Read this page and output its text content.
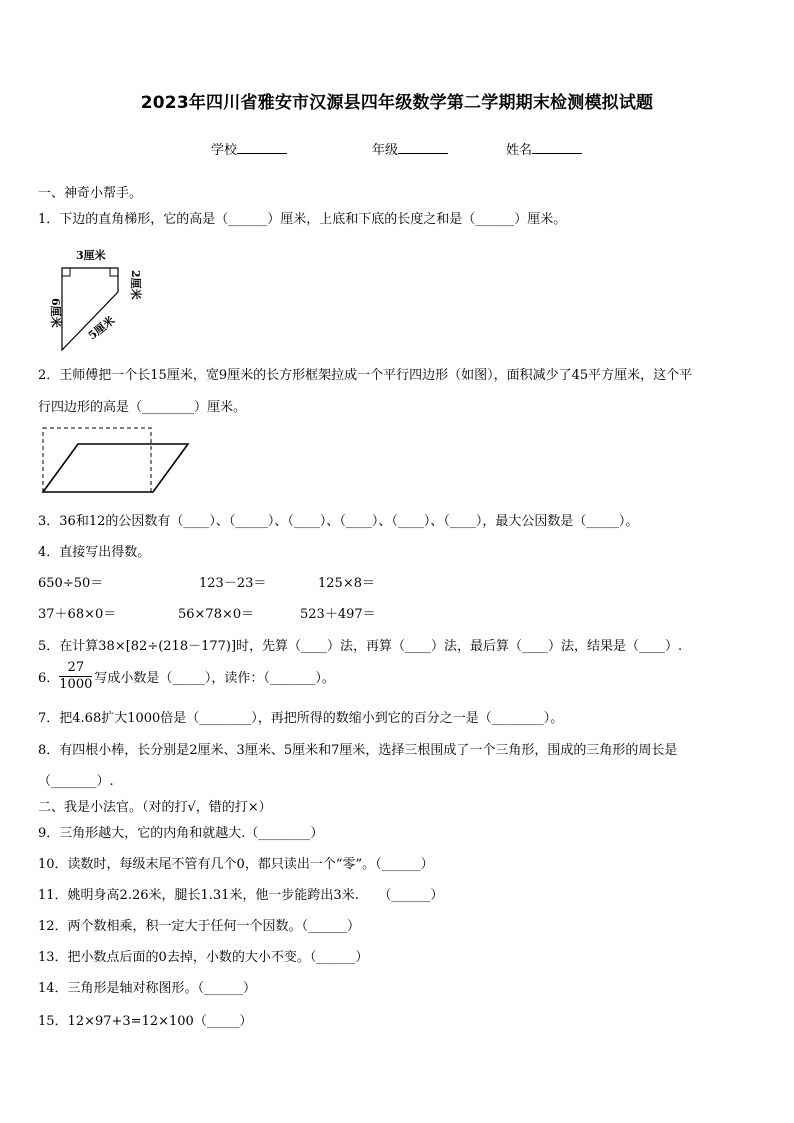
2023年四川省雅安市汉源县四年级数学第二学期期末检测模拟试题
学校	年级	姓名
一、神奇小帮手。
1．下边的直角梯形，它的高是（______）厘米，上底和下底的长度之和是（______）厘米。
3厘米
6厘米
2厘米
5厘米
2．王师傅把一个长15厘米，宽9厘米的长方形框架拉成一个平行四边形（如图），面积减少了45平方厘米，这个平
行四边形的高是（________）厘米。
3．36和12的公因数有（____）、（_____）、（____）、（____）、（____）、（____），最大公因数是（_____）。
4．直接写出得数。
650÷50＝	123－23＝	125×8＝
37＋68×0＝	56×78×0＝	523＋497＝
5．在计算38×[82÷(218－177)]时，先算（____）法，再算（____）法，最后算（____）法，结果是（____）.
6． $\frac{27}{1000}$ 写成小数是（_____），读作：（_______）。
7．把4.68扩大1000倍是（________），再把所得的数缩小到它的百分之一是（________）。
8．有四根小棒，长分别是2厘米、3厘米、5厘米和7厘米，选择三根围成了一个三角形，围成的三角形的周长是
（_______）.
二、我是小法官。（对的打√，错的打×）
9．三角形越大，它的内角和就越大.（________）
10．读数时，每级末尾不管有几个0，都只读出一个“零”。（______）
11．姚明身高2.26米，腿长1.31米，他一步能跨出3米.　　（______）
12．两个数相乘，积一定大于任何一个因数。（______）
13．把小数点后面的0去掉，小数的大小不变。（______）
14．三角形是轴对称图形。（______）
15．12×97+3=12×100（_____）
